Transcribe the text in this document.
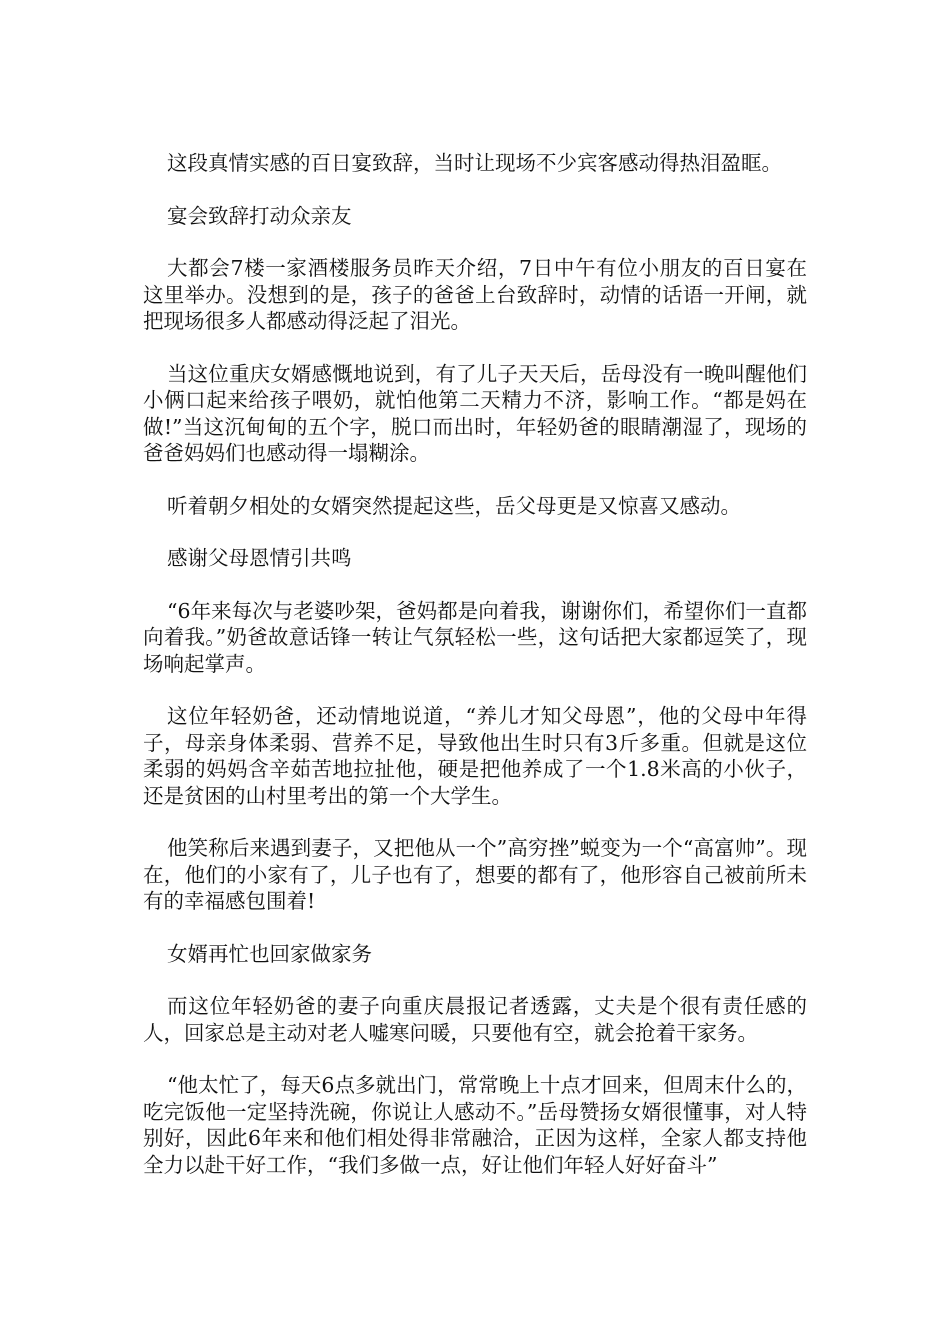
这段真情实感的百日宴致辞，当时让现场不少宾客感动得热泪盈眶。

宴会致辞打动众亲友

大都会7楼一家酒楼服务员昨天介绍，7日中午有位小朋友的百日宴在这里举办。没想到的是，孩子的爸爸上台致辞时，动情的话语一开闸，就把现场很多人都感动得泛起了泪光。

当这位重庆女婿感慨地说到，有了儿子天天后，岳母没有一晚叫醒他们小俩口起来给孩子喂奶，就怕他第二天精力不济，影响工作。“都是妈在做!”当这沉甸甸的五个字，脱口而出时，年轻奶爸的眼睛潮湿了，现场的爸爸妈妈们也感动得一塌糊涂。

听着朝夕相处的女婿突然提起这些，岳父母更是又惊喜又感动。

感谢父母恩情引共鸣

“6年来每次与老婆吵架，爸妈都是向着我，谢谢你们，希望你们一直都向着我。”奶爸故意话锋一转让气氛轻松一些，这句话把大家都逗笑了，现场响起掌声。

这位年轻奶爸，还动情地说道，“养儿才知父母恩”，他的父母中年得子，母亲身体柔弱、营养不足，导致他出生时只有3斤多重。但就是这位柔弱的妈妈含辛茹苦地拉扯他，硬是把他养成了一个1.8米高的小伙子，还是贫困的山村里考出的第一个大学生。

他笑称后来遇到妻子，又把他从一个”高穷挫”蜕变为一个“高富帅”。现在，他们的小家有了，儿子也有了，想要的都有了，他形容自己被前所未有的幸福感包围着!

女婿再忙也回家做家务

而这位年轻奶爸的妻子向重庆晨报记者透露，丈夫是个很有责任感的人，回家总是主动对老人嘘寒问暖，只要他有空，就会抢着干家务。

“他太忙了，每天6点多就出门，常常晚上十点才回来，但周末什么的，吃完饭他一定坚持洗碗，你说让人感动不。”岳母赞扬女婿很懂事，对人特别好，因此6年来和他们相处得非常融洽，正因为这样，全家人都支持他全力以赴干好工作，“我们多做一点，好让他们年轻人好好奋斗”
